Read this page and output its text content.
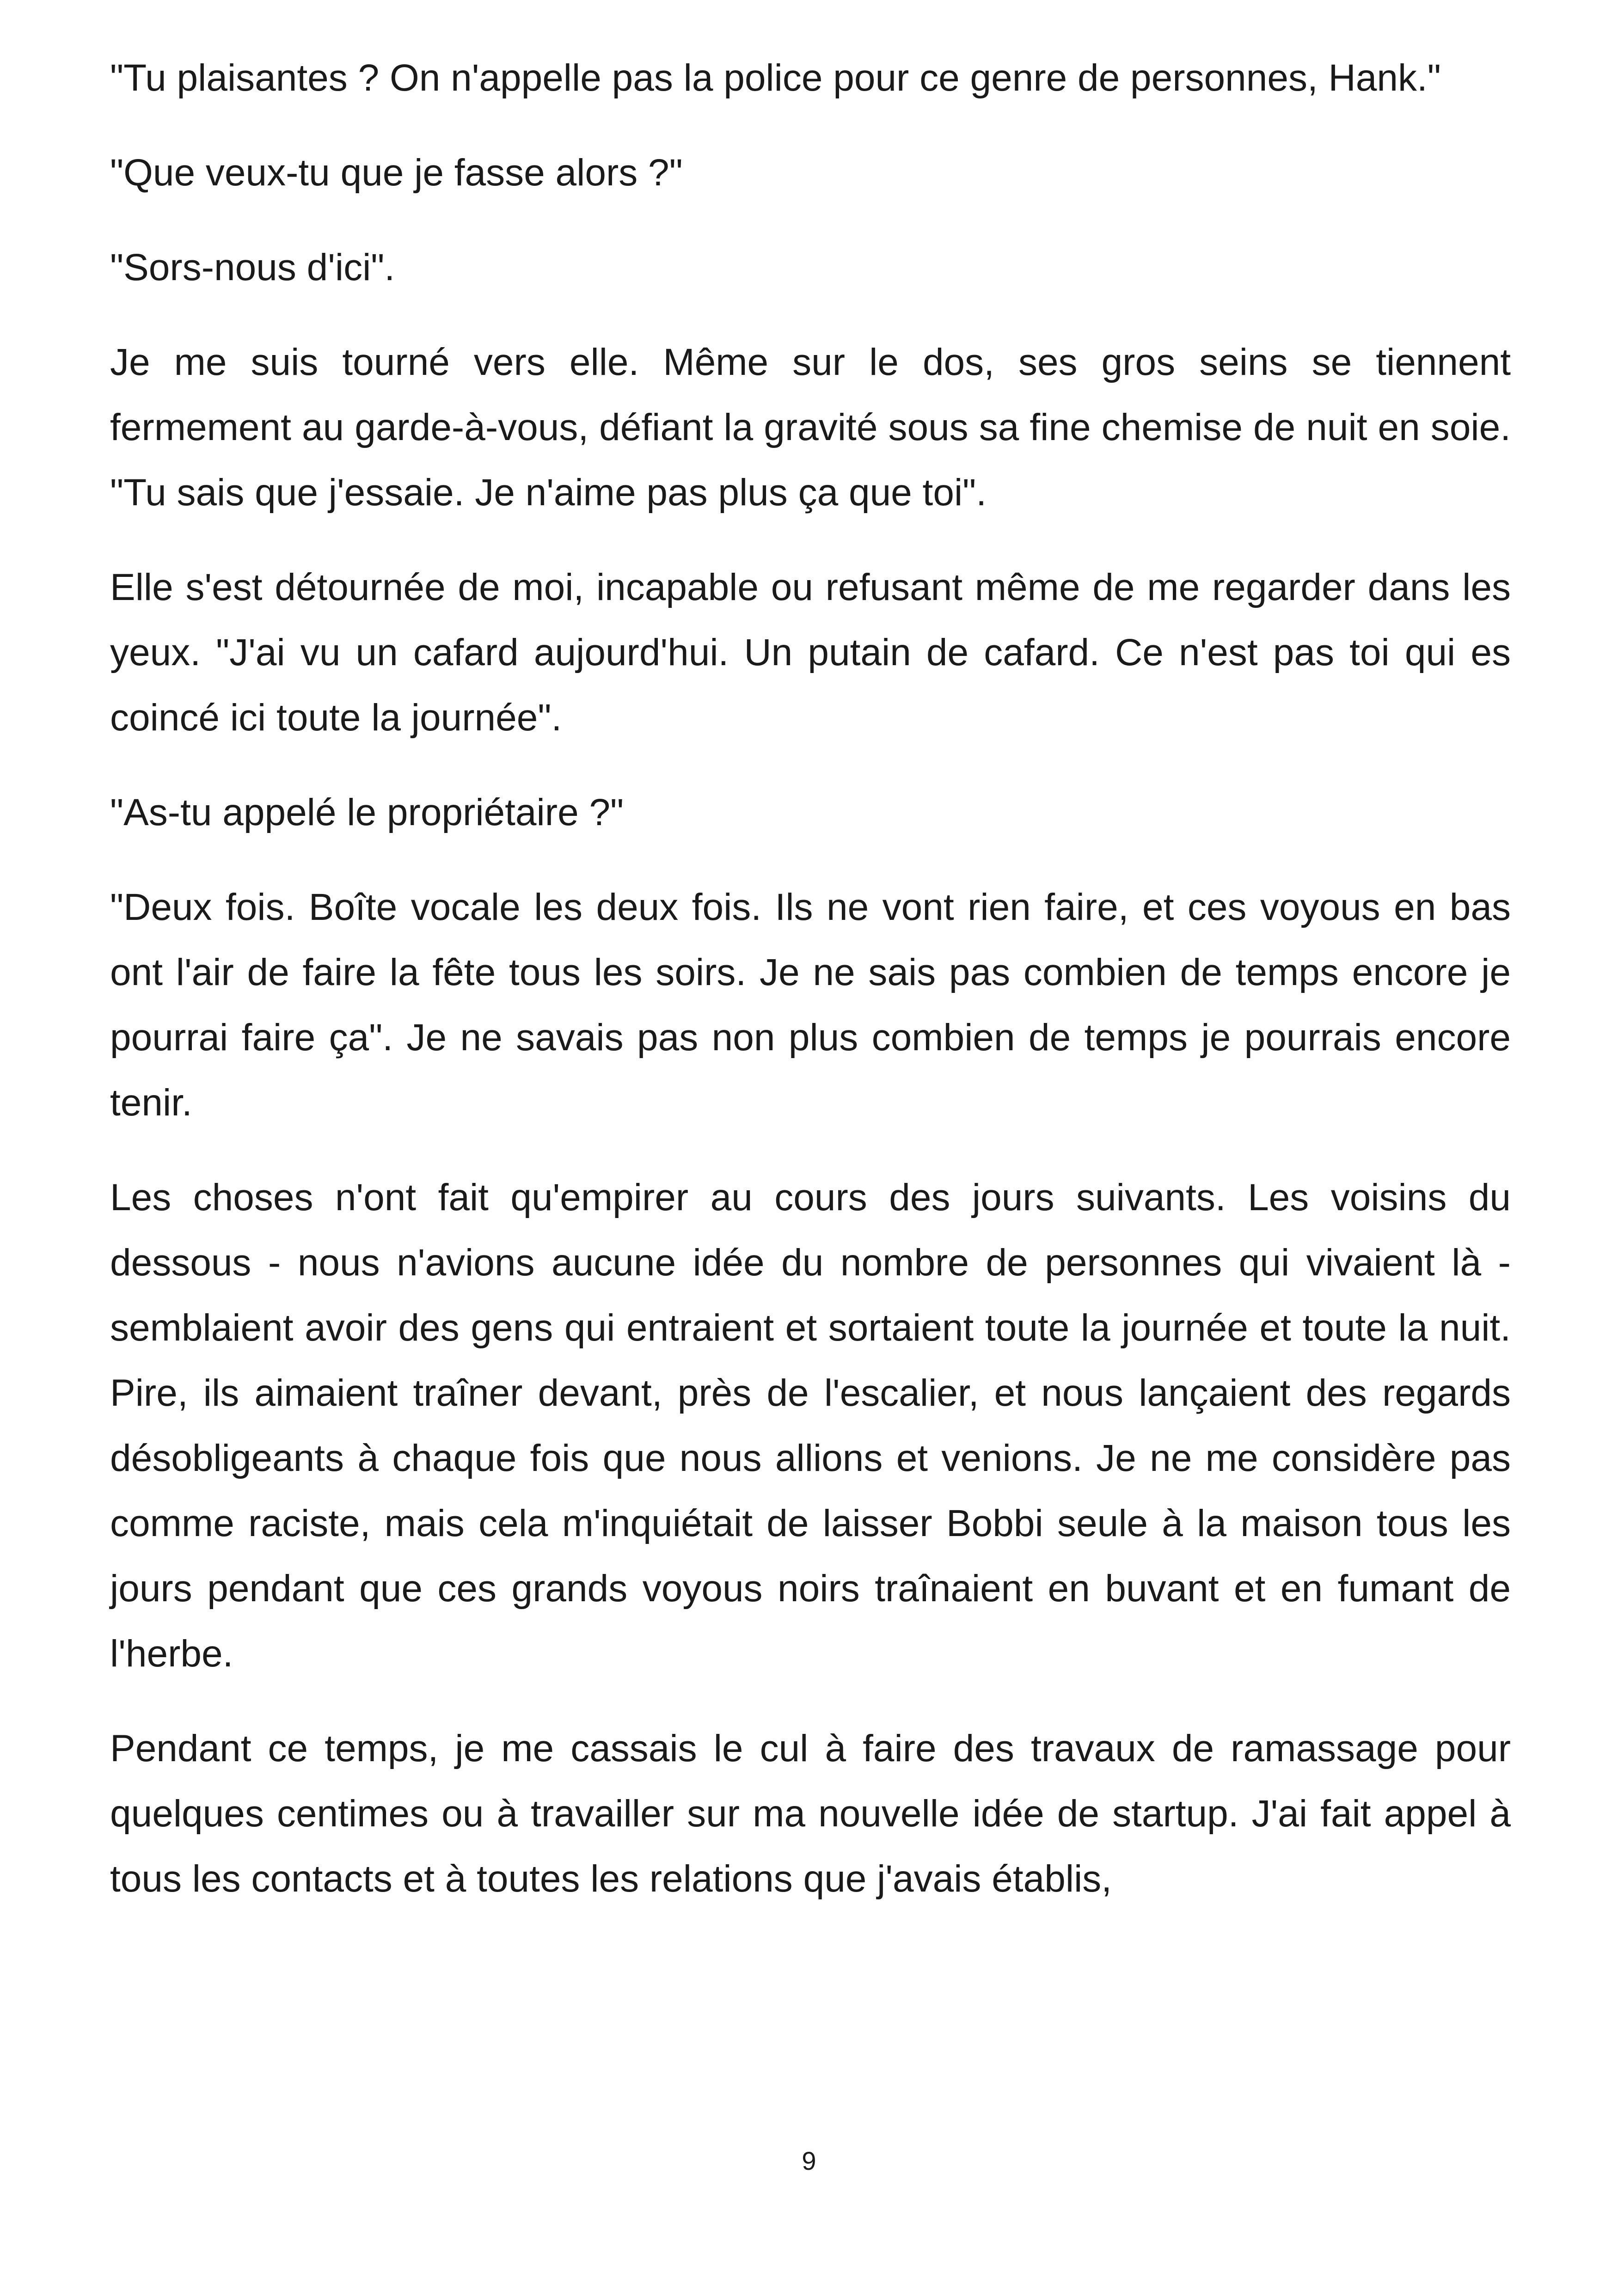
"Tu plaisantes ? On n'appelle pas la police pour ce genre de personnes, Hank."

"Que veux-tu que je fasse alors ?"

"Sors-nous d'ici".

Je me suis tourné vers elle. Même sur le dos, ses gros seins se tiennent fermement au garde-à-vous, défiant la gravité sous sa fine chemise de nuit en soie. "Tu sais que j'essaie. Je n'aime pas plus ça que toi".

Elle s'est détournée de moi, incapable ou refusant même de me regarder dans les yeux. "J'ai vu un cafard aujourd'hui. Un putain de cafard. Ce n'est pas toi qui es coincé ici toute la journée".

"As-tu appelé le propriétaire ?"

"Deux fois. Boîte vocale les deux fois. Ils ne vont rien faire, et ces voyous en bas ont l'air de faire la fête tous les soirs. Je ne sais pas combien de temps encore je pourrai faire ça". Je ne savais pas non plus combien de temps je pourrais encore tenir.

Les choses n'ont fait qu'empirer au cours des jours suivants. Les voisins du dessous - nous n'avions aucune idée du nombre de personnes qui vivaient là - semblaient avoir des gens qui entraient et sortaient toute la journée et toute la nuit. Pire, ils aimaient traîner devant, près de l'escalier, et nous lançaient des regards désobligeants à chaque fois que nous allions et venions. Je ne me considère pas comme raciste, mais cela m'inquiétait de laisser Bobbi seule à la maison tous les jours pendant que ces grands voyous noirs traînaient en buvant et en fumant de l'herbe.

Pendant ce temps, je me cassais le cul à faire des travaux de ramassage pour quelques centimes ou à travailler sur ma nouvelle idée de startup. J'ai fait appel à tous les contacts et à toutes les relations que j'avais établis,

9
